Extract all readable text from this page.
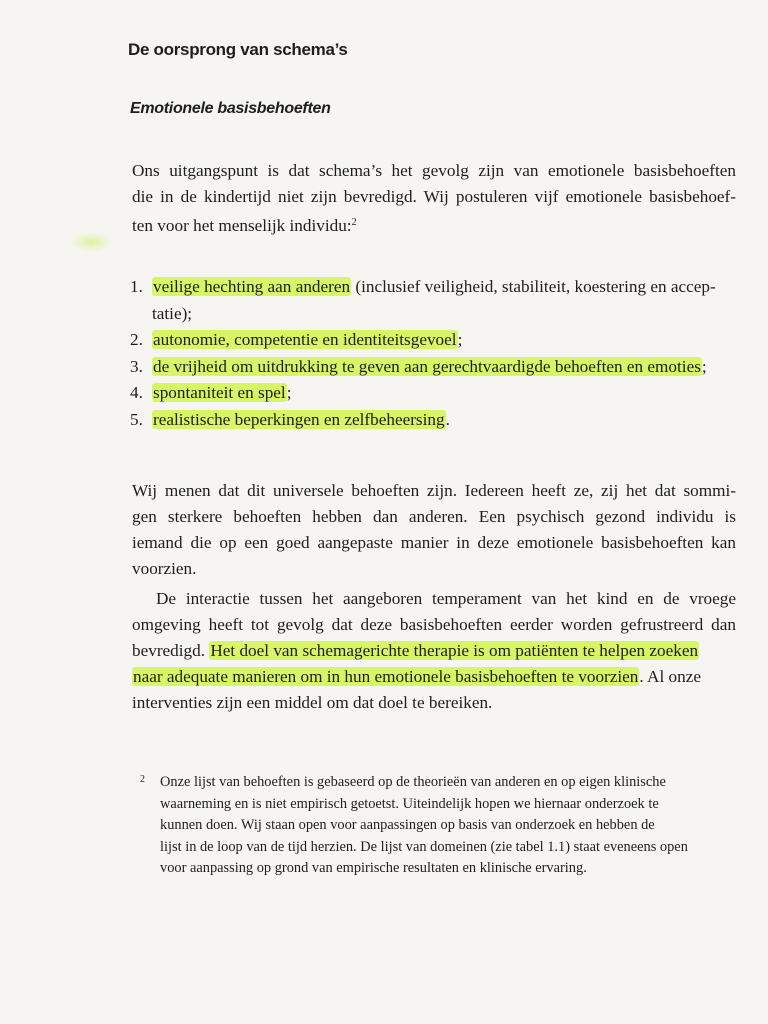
De oorsprong van schema’s
Emotionele basisbehoeften
Ons uitgangspunt is dat schema’s het gevolg zijn van emotionele basisbehoeften
die in de kindertijd niet zijn bevredigd. Wij postuleren vijf emotionele basisbehoef-
ten voor het menselijk individu:$^2$
1. veilige hechting aan anderen (inclusief veiligheid, stabiliteit, koestering en accep-
tatie);
2. autonomie, competentie en identiteitsgevoel;
3. de vrijheid om uitdrukking te geven aan gerechtvaardigde behoeften en emoties;
4. spontaniteit en spel;
5. realistische beperkingen en zelfbeheersing.
Wij menen dat dit universele behoeften zijn. Iedereen heeft ze, zij het dat sommi-
gen sterkere behoeften hebben dan anderen. Een psychisch gezond individu is
iemand die op een goed aangepaste manier in deze emotionele basisbehoeften kan
voorzien.
De interactie tussen het aangeboren temperament van het kind en de vroege
omgeving heeft tot gevolg dat deze basisbehoeften eerder worden gefrustreerd dan
bevredigd. Het doel van schemagerichte therapie is om patiënten te helpen zoeken
naar adequate manieren om in hun emotionele basisbehoeften te voorzien. Al onze
interventies zijn een middel om dat doel te bereiken.
2 Onze lijst van behoeften is gebaseerd op de theorieën van anderen en op eigen klinische
waarneming en is niet empirisch getoetst. Uiteindelijk hopen we hiernaar onderzoek te
kunnen doen. Wij staan open voor aanpassingen op basis van onderzoek en hebben de
lijst in de loop van de tijd herzien. De lijst van domeinen (zie tabel 1.1) staat eveneens open
voor aanpassing op grond van empirische resultaten en klinische ervaring.
